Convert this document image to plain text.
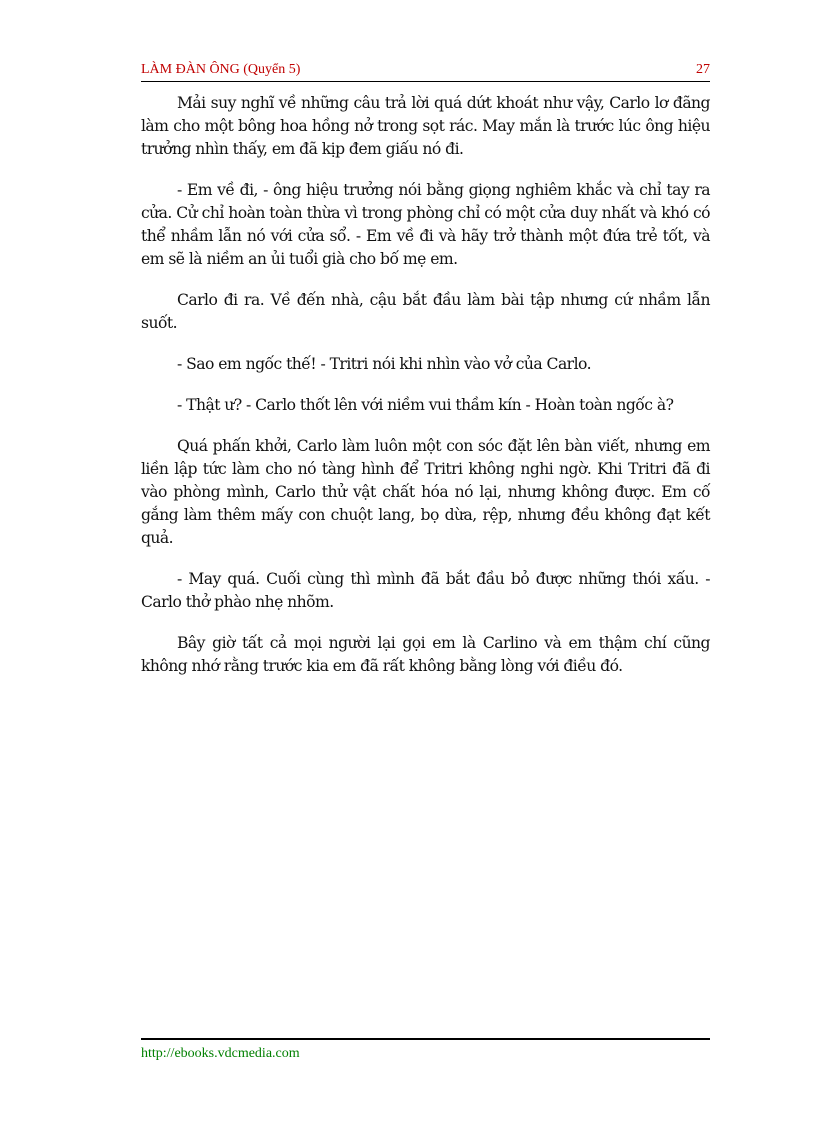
LÀM ĐÀN ÔNG (Quyển 5)	27

Mải suy nghĩ về những câu trả lời quá dứt khoát như vậy, Carlo lơ đãng làm cho một bông hoa hồng nở trong sọt rác. May mắn là trước lúc ông hiệu trưởng nhìn thấy, em đã kịp đem giấu nó đi.

- Em về đi, - ông hiệu trưởng nói bằng giọng nghiêm khắc và chỉ tay ra cửa. Cử chỉ hoàn toàn thừa vì trong phòng chỉ có một cửa duy nhất và khó có thể nhầm lẫn nó với cửa sổ. - Em về đi và hãy trở thành một đứa trẻ tốt, và em sẽ là niềm an ủi tuổi già cho bố mẹ em.

Carlo đi ra. Về đến nhà, cậu bắt đầu làm bài tập nhưng cứ nhầm lẫn suốt.

- Sao em ngốc thế! - Tritri nói khi nhìn vào vở của Carlo.

- Thật ư? - Carlo thốt lên với niềm vui thầm kín - Hoàn toàn ngốc à?

Quá phấn khởi, Carlo làm luôn một con sóc đặt lên bàn viết, nhưng em liền lập tức làm cho nó tàng hình để Tritri không nghi ngờ. Khi Tritri đã đi vào phòng mình, Carlo thử vật chất hóa nó lại, nhưng không được. Em cố gắng làm thêm mấy con chuột lang, bọ dừa, rệp, nhưng đều không đạt kết quả.

- May quá. Cuối cùng thì mình đã bắt đầu bỏ được những thói xấu. - Carlo thở phào nhẹ nhõm.

Bây giờ tất cả mọi người lại gọi em là Carlino và em thậm chí cũng không nhớ rằng trước kia em đã rất không bằng lòng với điều đó.

http://ebooks.vdcmedia.com
